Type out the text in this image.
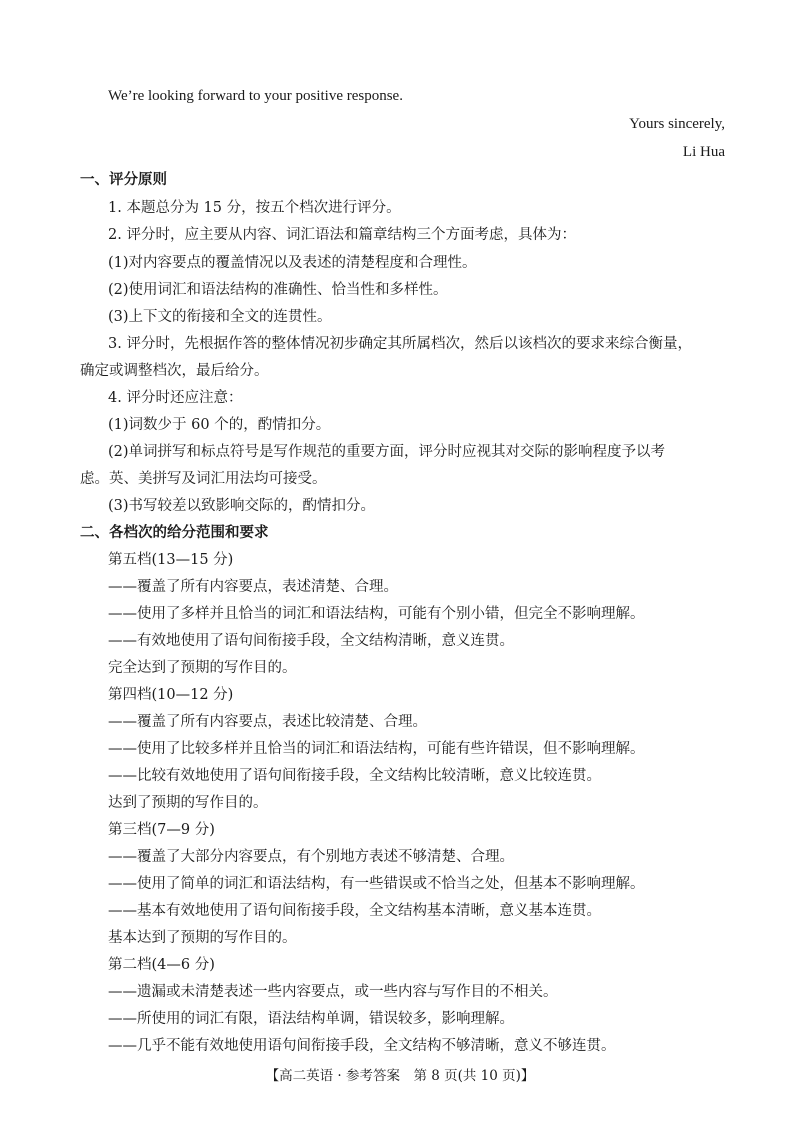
We’re looking forward to your positive response.
Yours sincerely,
Li Hua
一、评分原则
1. 本题总分为 15 分，按五个档次进行评分。
2. 评分时，应主要从内容、词汇语法和篇章结构三个方面考虑，具体为：
(1)对内容要点的覆盖情况以及表述的清楚程度和合理性。
(2)使用词汇和语法结构的准确性、恰当性和多样性。
(3)上下文的衔接和全文的连贯性。
3. 评分时，先根据作答的整体情况初步确定其所属档次，然后以该档次的要求来综合衡量，
确定或调整档次，最后给分。
4. 评分时还应注意：
(1)词数少于 60 个的，酌情扣分。
(2)单词拼写和标点符号是写作规范的重要方面，评分时应视其对交际的影响程度予以考
虑。英、美拼写及词汇用法均可接受。
(3)书写较差以致影响交际的，酌情扣分。
二、各档次的给分范围和要求
第五档(13—15 分)
——覆盖了所有内容要点，表述清楚、合理。
——使用了多样并且恰当的词汇和语法结构，可能有个别小错，但完全不影响理解。
——有效地使用了语句间衔接手段，全文结构清晰，意义连贯。
完全达到了预期的写作目的。
第四档(10—12 分)
——覆盖了所有内容要点，表述比较清楚、合理。
——使用了比较多样并且恰当的词汇和语法结构，可能有些许错误，但不影响理解。
——比较有效地使用了语句间衔接手段，全文结构比较清晰，意义比较连贯。
达到了预期的写作目的。
第三档(7—9 分)
——覆盖了大部分内容要点，有个别地方表述不够清楚、合理。
——使用了简单的词汇和语法结构，有一些错误或不恰当之处，但基本不影响理解。
——基本有效地使用了语句间衔接手段，全文结构基本清晰，意义基本连贯。
基本达到了预期的写作目的。
第二档(4—6 分)
——遗漏或未清楚表述一些内容要点，或一些内容与写作目的不相关。
——所使用的词汇有限，语法结构单调，错误较多，影响理解。
——几乎不能有效地使用语句间衔接手段，全文结构不够清晰，意义不够连贯。
【高二英语 · 参考答案　第 8 页(共 10 页)】
